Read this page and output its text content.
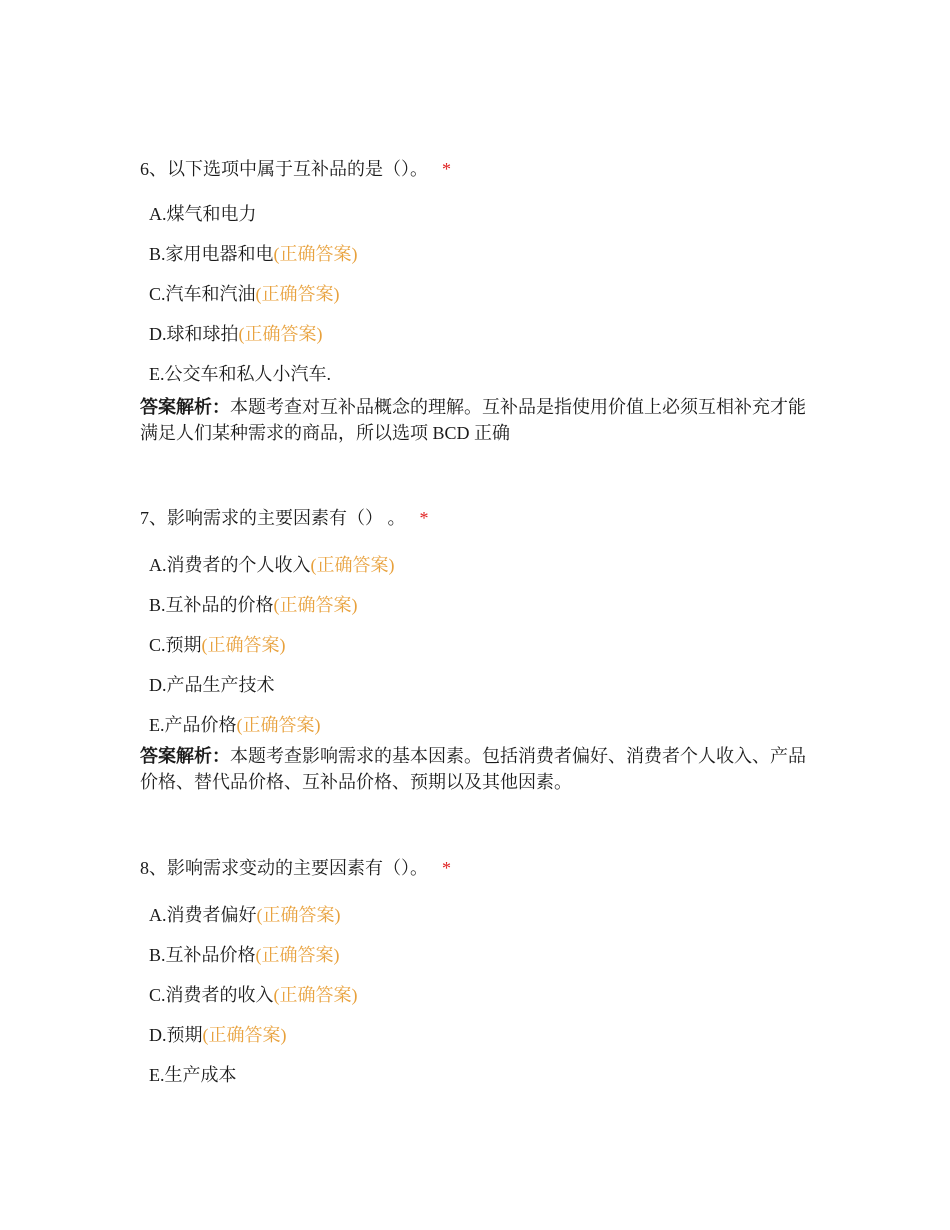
6、以下选项中属于互补品的是（）。 *

A.煤气和电力
B.家用电器和电(正确答案)
C.汽车和汽油(正确答案)
D.球和球拍(正确答案)
E.公交车和私人小汽车.

答案解析：本题考查对互补品概念的理解。互补品是指使用价值上必须互相补充才能满足人们某种需求的商品，所以选项 BCD 正确

7、影响需求的主要因素有（） 。 *

A.消费者的个人收入(正确答案)
B.互补品的价格(正确答案)
C.预期(正确答案)
D.产品生产技术
E.产品价格(正确答案)

答案解析：本题考查影响需求的基本因素。包括消费者偏好、消费者个人收入、产品价格、替代品价格、互补品价格、预期以及其他因素。

8、影响需求变动的主要因素有（）。 *

A.消费者偏好(正确答案)
B.互补品价格(正确答案)
C.消费者的收入(正确答案)
D.预期(正确答案)
E.生产成本
